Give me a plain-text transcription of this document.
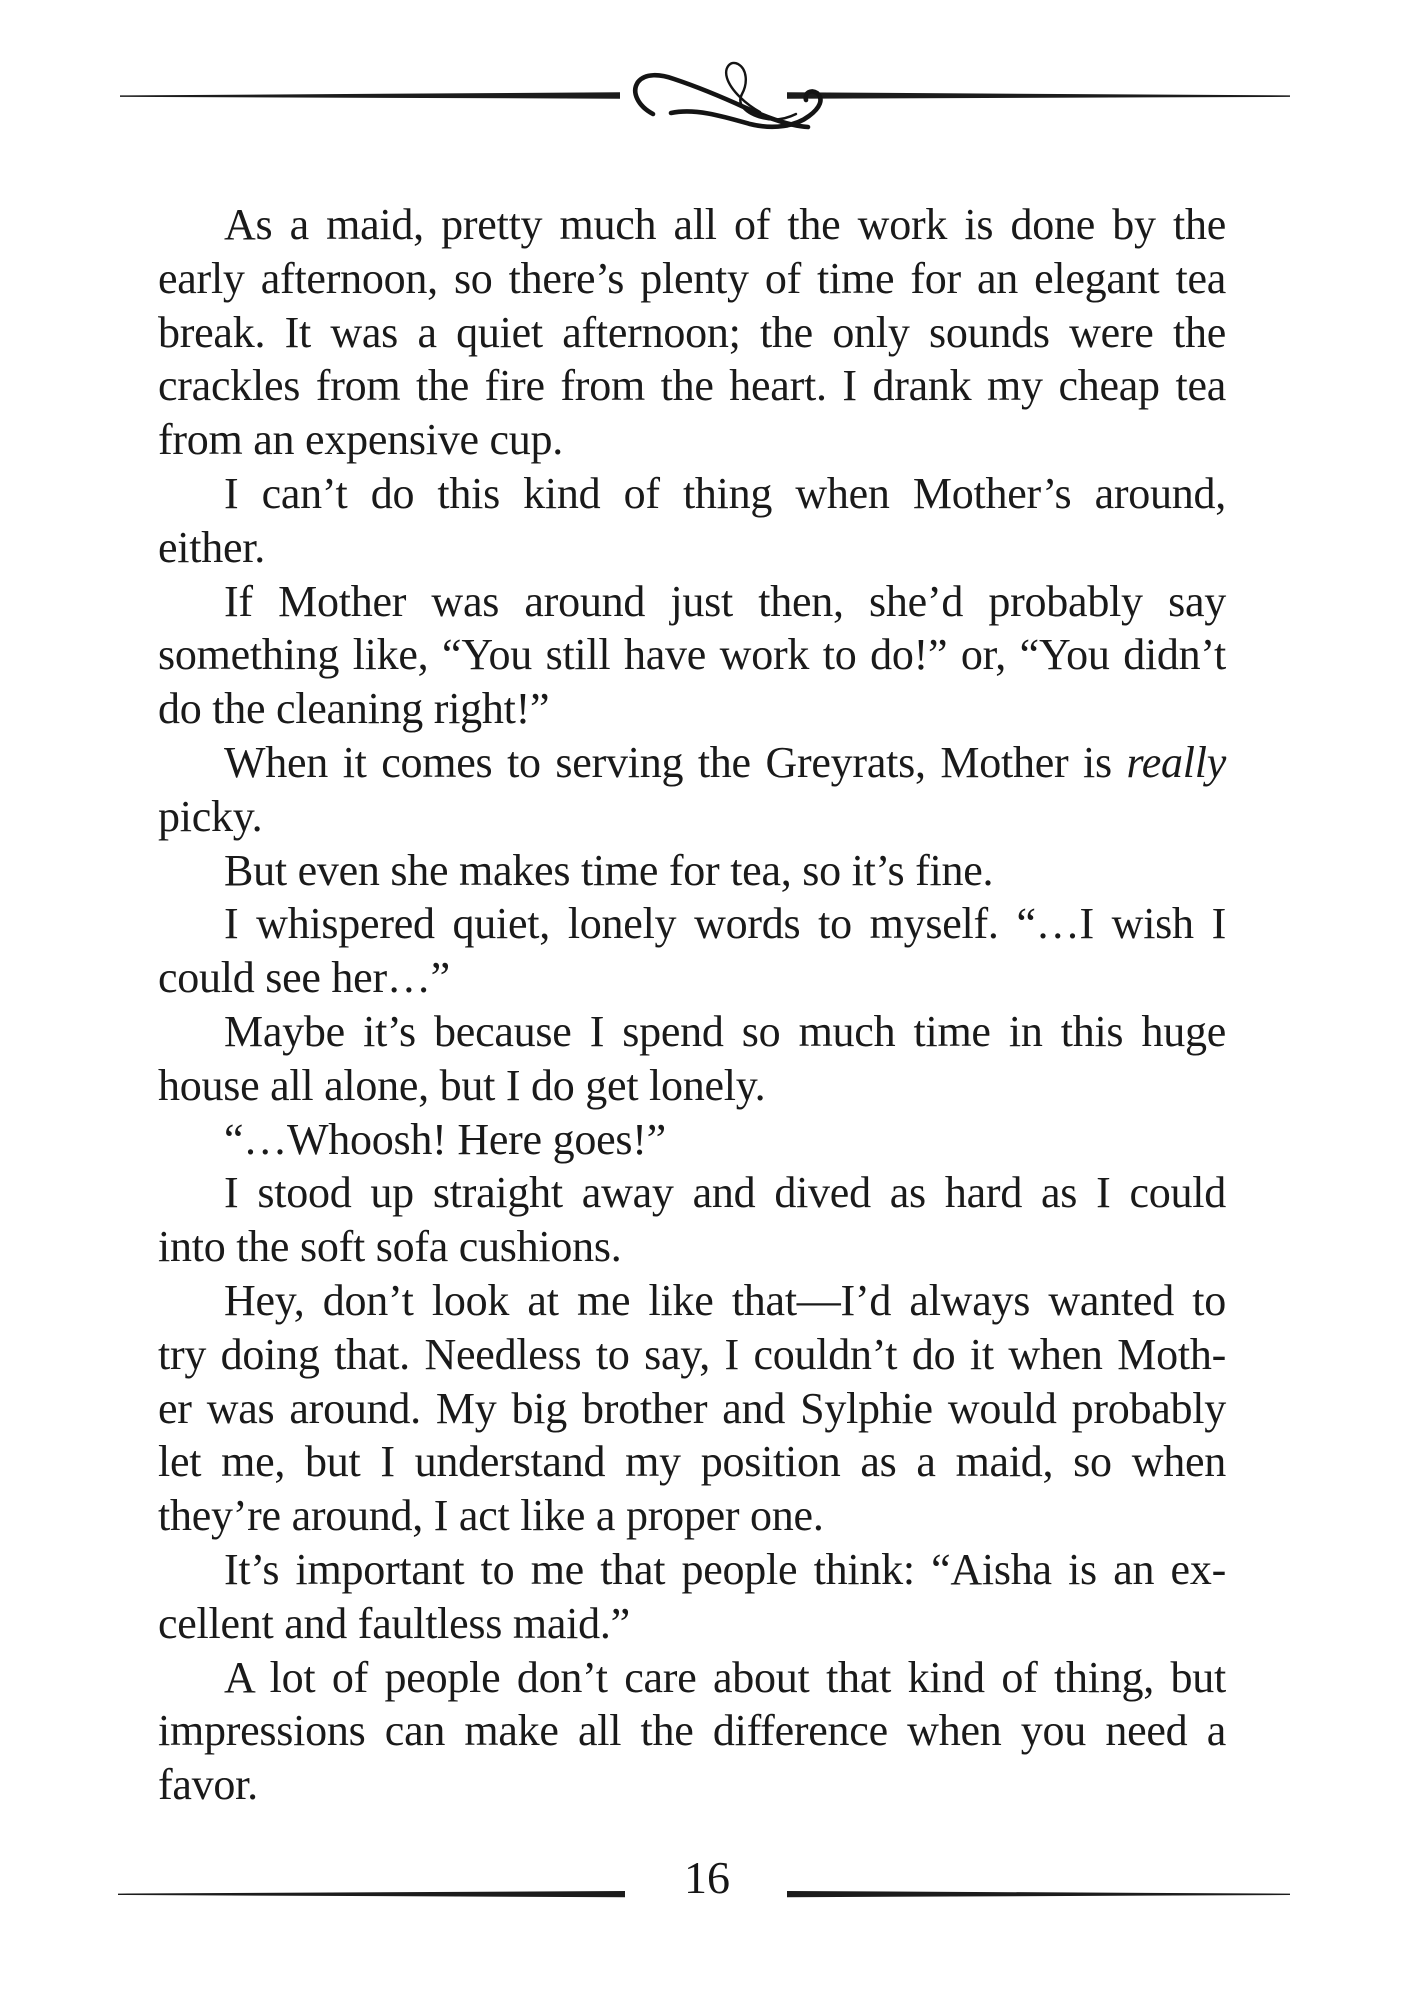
As a maid, pretty much all of the work is done by the
early afternoon, so there’s plenty of time for an elegant tea
break. It was a quiet afternoon; the only sounds were the
crackles from the fire from the heart. I drank my cheap tea
from an expensive cup.
I can’t do this kind of thing when Mother’s around, either.
If Mother was around just then, she’d probably say
something like, “You still have work to do!” or, “You didn’t
do the cleaning right!”
When it comes to serving the Greyrats, Mother is really
picky.
But even she makes time for tea, so it’s fine.
I whispered quiet, lonely words to myself. “…I wish I
could see her…”
Maybe it’s because I spend so much time in this huge
house all alone, but I do get lonely.
“…Whoosh! Here goes!”
I stood up straight away and dived as hard as I could
into the soft sofa cushions.
Hey, don’t look at me like that—I’d always wanted to
try doing that. Needless to say, I couldn’t do it when Moth-
er was around. My big brother and Sylphie would probably
let me, but I understand my position as a maid, so when
they’re around, I act like a proper one.
It’s important to me that people think: “Aisha is an ex-
cellent and faultless maid.”
A lot of people don’t care about that kind of thing, but
impressions can make all the difference when you need a
favor.
16
